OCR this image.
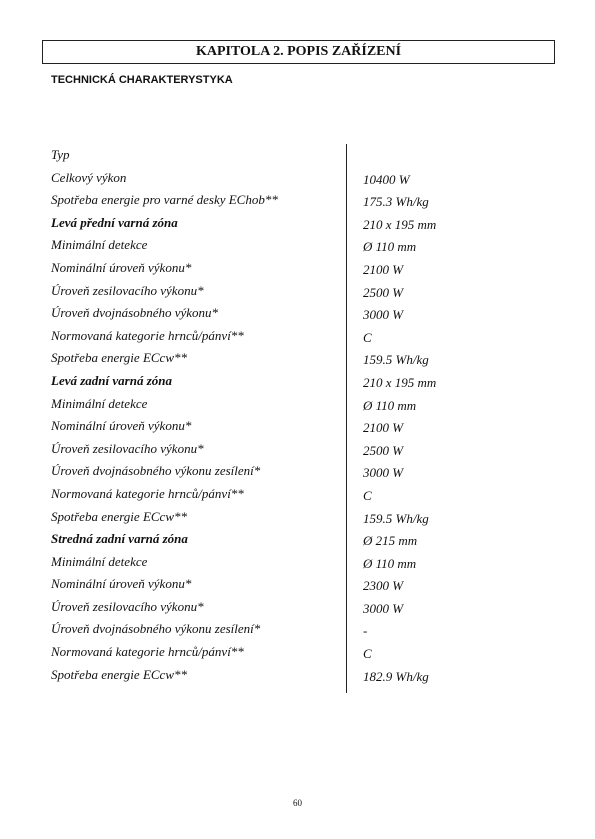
KAPITOLA 2. POPIS ZAŘÍZENÍ
TECHNICKÁ CHARAKTERYSTYKA
Typ
Celkový výkon	10400 W
Spotřeba energie pro varné desky EChob**	175.3 Wh/kg
Levá přední varná zóna	210 x 195 mm
Minimální detekce	Ø 110 mm
Nominální úroveň výkonu*	2100 W
Úroveň zesilovacího výkonu*	2500 W
Úroveň dvojnásobného výkonu*	3000 W
Normovaná kategorie hrnců/pánví**	C
Spotřeba energie ECcw**	159.5 Wh/kg
Levá zadní varná zóna	210 x 195 mm
Minimální detekce	Ø 110 mm
Nominální úroveň výkonu*	2100 W
Úroveň zesilovacího výkonu*	2500 W
Úroveň dvojnásobného výkonu zesílení*	3000 W
Normovaná kategorie hrnců/pánví**	C
Spotřeba energie ECcw**	159.5 Wh/kg
Stredná zadní varná zóna	Ø 215 mm
Minimální detekce	Ø 110 mm
Nominální úroveň výkonu*	2300 W
Úroveň zesilovacího výkonu*	3000 W
Úroveň dvojnásobného výkonu zesílení*	-
Normovaná kategorie hrnců/pánví**	C
Spotřeba energie ECcw**	182.9 Wh/kg
60
